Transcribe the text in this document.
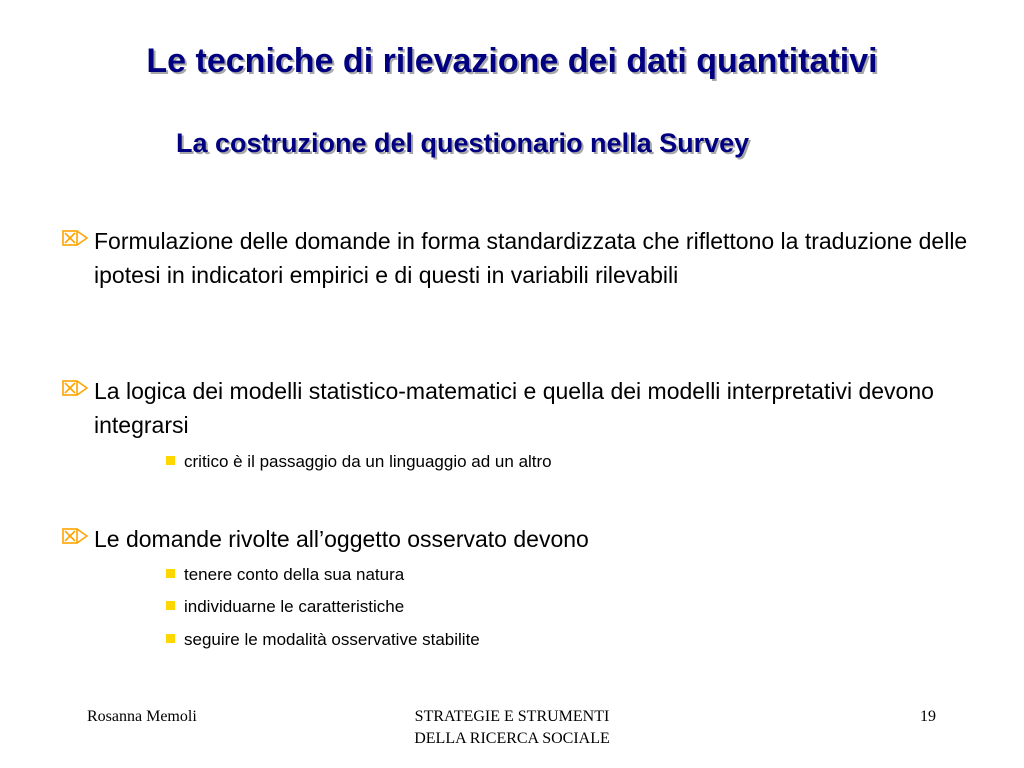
Le tecniche di rilevazione dei dati quantitativi
La costruzione del questionario nella Survey
Formulazione delle domande in forma standardizzata che riflettono la traduzione delle ipotesi in indicatori empirici e di questi in variabili rilevabili
La logica dei modelli statistico-matematici e quella dei modelli interpretativi devono integrarsi
critico è il passaggio da un linguaggio ad un altro
Le domande rivolte all’oggetto osservato devono
tenere conto della sua natura
individuarne le caratteristiche
seguire le modalità osservative stabilite
Rosanna Memoli	STRATEGIE E STRUMENTI
DELLA RICERCA SOCIALE
19
